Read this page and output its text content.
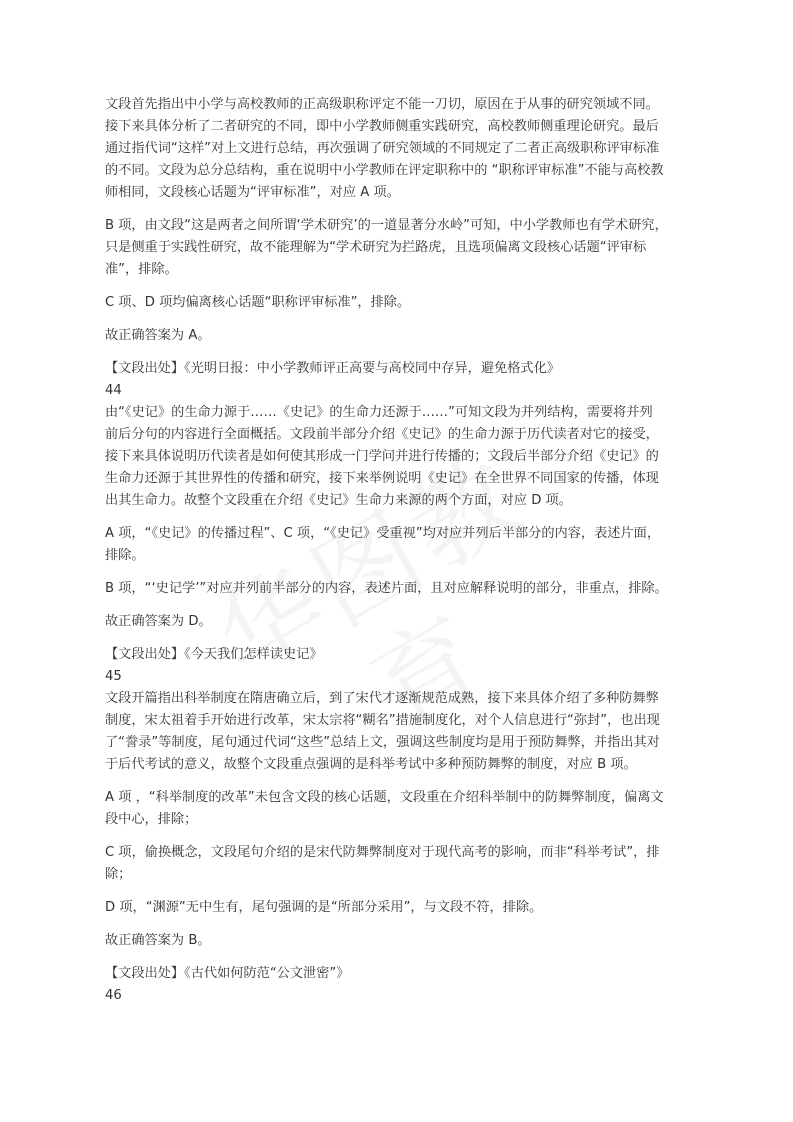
文段首先指出中小学与高校教师的正高级职称评定不能一刀切，原因在于从事的研究领域不同。
接下来具体分析了二者研究的不同，即中小学教师侧重实践研究，高校教师侧重理论研究。最后
通过指代词“这样”对上文进行总结，再次强调了研究领域的不同规定了二者正高级职称评审标准
的不同。文段为总分总结构，重在说明中小学教师在评定职称中的 “职称评审标准”不能与高校教
师相同，文段核心话题为“评审标准”，对应 A 项。

B 项，由文段“这是两者之间所谓‘学术研究’的一道显著分水岭”可知，中小学教师也有学术研究，
只是侧重于实践性研究，故不能理解为“学术研究为拦路虎，且选项偏离文段核心话题“评审标
准”，排除。

C 项、D 项均偏离核心话题“职称评审标准”，排除。

故正确答案为 A。

【文段出处】《光明日报：中小学教师评正高要与高校同中存异，避免格式化》

44

由“《史记》的生命力源于……《史记》的生命力还源于……”可知文段为并列结构，需要将并列
前后分句的内容进行全面概括。文段前半部分介绍《史记》的生命力源于历代读者对它的接受，
接下来具体说明历代读者是如何使其形成一门学问并进行传播的；文段后半部分介绍《史记》的
生命力还源于其世界性的传播和研究，接下来举例说明《史记》在全世界不同国家的传播，体现
出其生命力。故整个文段重在介绍《史记》生命力来源的两个方面，对应 D 项。

A 项，“《史记》的传播过程”、C 项，“《史记》受重视”均对应并列后半部分的内容，表述片面，
排除。

B 项，“‘史记学’”对应并列前半部分的内容，表述片面，且对应解释说明的部分，非重点，排除。

故正确答案为 D。

【文段出处】《今天我们怎样读史记》

45

文段开篇指出科举制度在隋唐确立后，到了宋代才逐渐规范成熟，接下来具体介绍了多种防舞弊
制度，宋太祖着手开始进行改革，宋太宗将“糊名”措施制度化，对个人信息进行“弥封”，也出现
了“誊录”等制度，尾句通过代词“这些”总结上文，强调这些制度均是用于预防舞弊，并指出其对
于后代考试的意义，故整个文段重点强调的是科举考试中多种预防舞弊的制度，对应 B 项。

A 项 ，“科举制度的改革”未包含文段的核心话题，文段重在介绍科举制中的防舞弊制度，偏离文
段中心，排除；

C 项，偷换概念，文段尾句介绍的是宋代防舞弊制度对于现代高考的影响，而非“科举考试”，排
除；

D 项，“渊源”无中生有，尾句强调的是“所部分采用”，与文段不符，排除。

故正确答案为 B。

【文段出处】《古代如何防范“公文泄密”》

46
